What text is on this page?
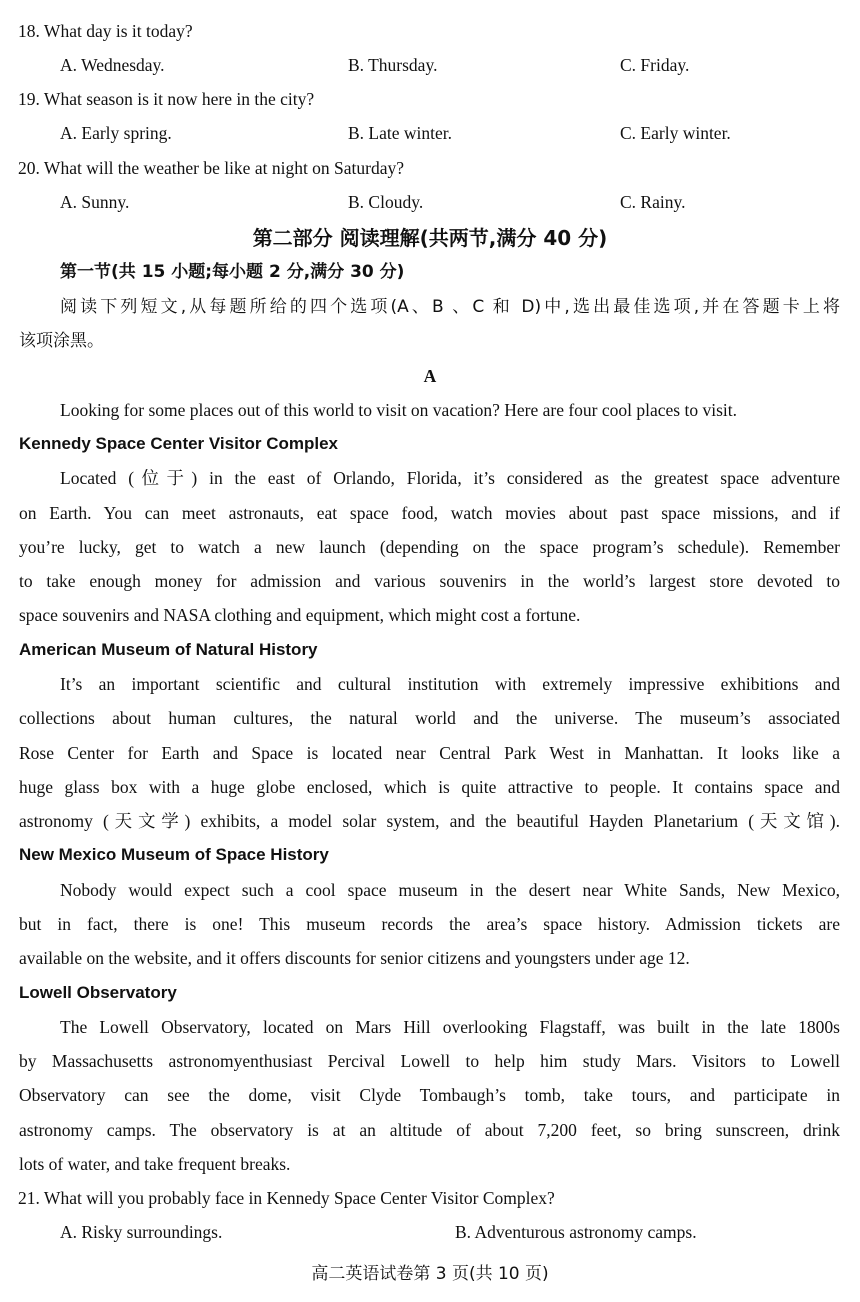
18. What day is it today?
A. Wednesday.	B. Thursday.	C. Friday.
19. What season is it now here in the city?
A. Early spring.	B. Late winter.	C. Early winter.
20. What will the weather be like at night on Saturday?
A. Sunny.	B. Cloudy.	C. Rainy.
第二部分 阅读理解(共两节,满分 40 分)
第一节(共 15 小题;每小题 2 分,满分 30 分)
阅读下列短文,从每题所给的四个选项(A、B 、C 和 D)中,选出最佳选项,并在答题卡上将
该项涂黑。
A
Looking for some places out of this world to visit on vacation? Here are four cool places to visit.
Kennedy Space Center Visitor Complex
Located (位于) in the east of Orlando, Florida, it’s considered as the greatest space adventure
on Earth. You can meet astronauts, eat space food, watch movies about past space missions, and if
you’re lucky, get to watch a new launch (depending on the space program’s schedule). Remember
to take enough money for admission and various souvenirs in the world’s largest store devoted to
space souvenirs and NASA clothing and equipment, which might cost a fortune.
American Museum of Natural History
It’s an important scientific and cultural institution with extremely impressive exhibitions and
collections about human cultures, the natural world and the universe. The museum’s associated
Rose Center for Earth and Space is located near Central Park West in Manhattan. It looks like a
huge glass box with a huge globe enclosed, which is quite attractive to people. It contains space and
astronomy (天文学) exhibits, a model solar system, and the beautiful Hayden Planetarium (天文馆).
New Mexico Museum of Space History
Nobody would expect such a cool space museum in the desert near White Sands, New Mexico,
but in fact, there is one! This museum records the area’s space history. Admission tickets are
available on the website, and it offers discounts for senior citizens and youngsters under age 12.
Lowell Observatory
The Lowell Observatory, located on Mars Hill overlooking Flagstaff, was built in the late 1800s
by Massachusetts astronomyenthusiast Percival Lowell to help him study Mars. Visitors to Lowell
Observatory can see the dome, visit Clyde Tombaugh’s tomb, take tours, and participate in
astronomy camps. The observatory is at an altitude of about 7,200 feet, so bring sunscreen, drink
lots of water, and take frequent breaks.
21. What will you probably face in Kennedy Space Center Visitor Complex?
A. Risky surroundings.	B. Adventurous astronomy camps.
高二英语试卷第 3 页(共 10 页)
